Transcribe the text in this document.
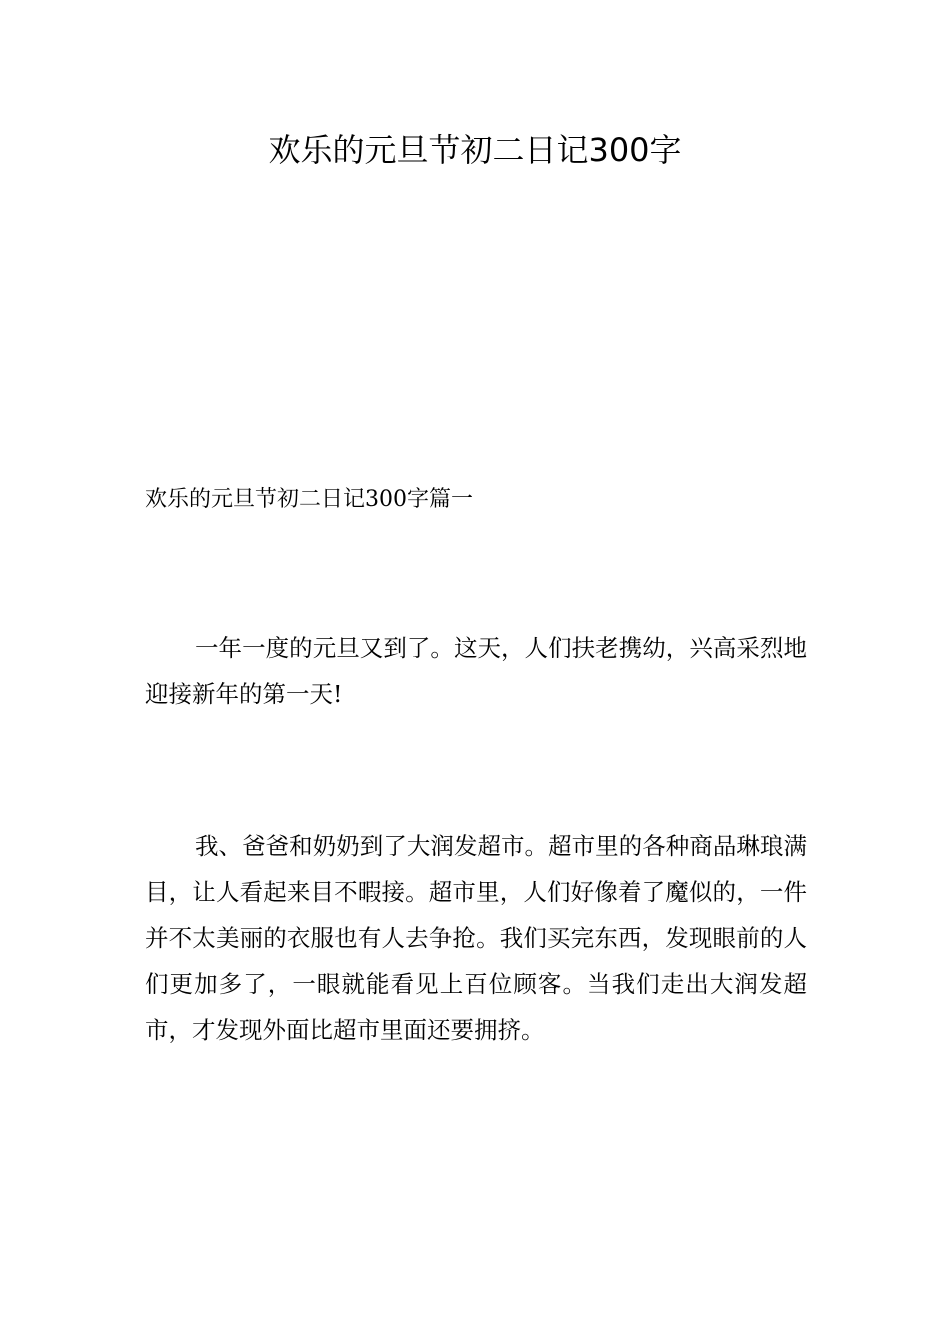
欢乐的元旦节初二日记300字
欢乐的元旦节初二日记300字篇一
一年一度的元旦又到了。这天，人们扶老携幼，兴高采烈地迎接新年的第一天!
我、爸爸和奶奶到了大润发超市。超市里的各种商品琳琅满目，让人看起来目不暇接。超市里，人们好像着了魔似的，一件并不太美丽的衣服也有人去争抢。我们买完东西，发现眼前的人们更加多了，一眼就能看见上百位顾客。当我们走出大润发超市，才发现外面比超市里面还要拥挤。
